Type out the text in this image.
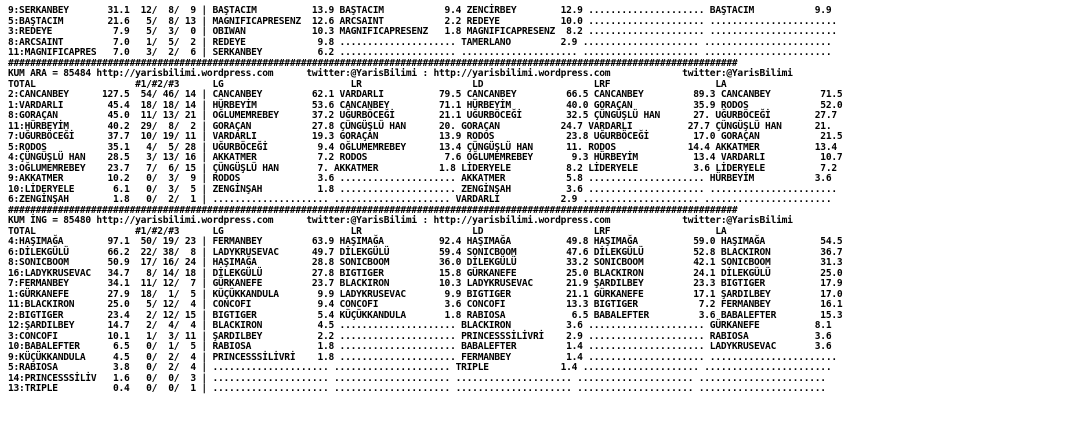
9:SERKANBEY       31.1  12/  8/  9 | BAŞTACIM          13.9 BAŞTACIM           9.4 ZENCİRBEY        12.9 ..................... BAŞTACIM           9.9
5:BAŞTACIM        21.6   5/  8/ 13 | MAGNIFICAPRESENZ  12.6 ARCSAINT           2.2 REDEYE           10.0 ..................... .......................
3:REDEYE           7.9   5/  3/  0 | OBIWAN            10.3 MAGNIFICAPRESENZ   1.8 MAGNIFICAPRESENZ  8.2 ..................... .......................
8:ARCSAINT         7.0   1/  5/  2 | REDEYE             9.8 ..................... TAMERLANO         2.9 ..................... .......................
11:MAGNIFICAPRES   7.0   3/  2/  6 | SERKANBEY          6.2 ..................... ..................... ..................... .......................
####################################################################################################################################
KUM ARA = 85484 http://yarisbilimi.wordpress.com      twitter:@YarisBilimi : http://yarisbilimi.wordpress.com             twitter:@YarisBilimi
TOTAL                  #1/#2/#3      LG                       LR                    LD                    LRF                   LA
2:CANCANBEY      127.5  54/ 46/ 14 | CANCANBEY         62.1 VARDARLI          79.5 CANCANBEY         66.5 CANCANBEY         89.3 CANCANBEY         71.5
1:VARDARLI        45.4  18/ 18/ 14 | HÜRBEYİM          53.6 CANCANBEY         71.1 HÜRBEYİM          40.0 GORAÇAN           35.9 RODOS             52.0
8:GORAÇAN         45.0  11/ 13/ 21 | OĞLUMEMREBEY      37.2 UĞURBÖCEĞİ        21.1 UĞURBÖCEĞİ        32.5 ÇÜNGÜŞLÜ HAN      27. UĞURBÖCEĞİ        27.7
11:HÜRBEYİM       40.2  29/  8/  2 | GORAÇAN           27.8 ÇÜNGÜŞLÜ HAN      20. GORAÇAN           24.7 VARDARLI          27.7 ÇÜNGÜŞLÜ HAN      21.
7:UĞURBÖCEĞİ      37.7  10/ 19/ 11 | VARDARLI          19.3 GORAÇAN           13.9 RODOS             23.8 UĞURBÖCEĞİ        17.0 GORAÇAN           21.5
5:RODOS           35.1   4/  5/ 28 | UĞURBÖCEĞİ         9.4 OĞLUMEMREBEY      13.4 ÇÜNGÜŞLÜ HAN      11. RODOS             14.4 AKKATMER          13.4
4:ÇÜNGÜŞLÜ HAN    28.5   3/ 13/ 16 | AKKATMER           7.2 RODOS              7.6 OĞLUMEMREBEY       9.3 HÜRBEYİM          13.4 VARDARLI          10.7
3:OĞLUMEMREBEY    23.7   7/  6/ 15 | ÇÜNGÜŞLÜ HAN       7. AKKATMER           1.8 LİDERYELE          8.2 LİDERYELE          3.6 LİDERYELE          7.2
9:AKKATMER        10.2   0/  3/  9 | RODOS              3.6 ..................... AKKATMER           5.8 ..................... HÜRBEYİM           3.6
10:LİDERYELE       6.1   0/  3/  5 | ZENGİNŞAH          1.8 ..................... ZENGİNŞAH          3.6 ..................... .......................
6:ZENGİNŞAH        1.8   0/  2/  1 | ..................... ..................... VARDARLI           2.9 ..................... .......................
####################################################################################################################################
KUM İNG = 85480 http://yarisbilimi.wordpress.com      twitter:@YarisBilimi : http://yarisbilimi.wordpress.com             twitter:@YarisBilimi
TOTAL                  #1/#2/#3      LG                       LR                    LD                    LRF                   LA
4:HAŞIMAĞA        97.1  50/ 19/ 23 | FERMANBEY         63.9 HAŞIMAĞA          92.4 HAŞIMAĞA          49.8 HAŞIMAĞA          59.0 HAŞIMAĞA          54.5
6:DİLEKGÜLÜ       66.2  22/ 38/  8 | LADYKRUSEVAC      49.7 DİLEKGÜLÜ         59.4 SONICBOOM         47.6 DİLEKGÜLÜ         52.8 BLACKIRON         36.7
8:SONICBOOM       50.9  17/ 16/ 24 | HAŞIMAĞA          28.8 SONICBOOM         36.0 DİLEKGÜLÜ         33.2 SONICBOOM         42.1 SONICBOOM         31.3
16:LADYKRUSEVAC   34.7   8/ 14/ 18 | DİLEKGÜLÜ         27.8 BIGTIGER          15.8 GÜRKANEFE         25.0 BLACKIRON         24.1 DİLEKGÜLÜ         25.0
7:FERMANBEY       34.1  11/ 12/  7 | GÜRKANEFE         23.7 BLACKIRON         10.3 LADYKRUSEVAC      21.9 ŞARDILBEY         23.3 BIGTIGER          17.9
1:GÜRKANEFE       27.9  18/  1/  5 | KÜÇÜKKANDULA       9.9 LADYKRUSEVAC       9.9 BIGTIGER          21.1 GÜRKANEFE         17.1 ŞARDILBEY         17.0
11:BLACKIRON      25.0   5/ 12/  4 | CONCOFI            9.4 CONCOFI            3.6 CONCOFI           13.3 BIGTIGER           7.2 FERMANBEY         16.1
2:BIGTIGER        23.4   2/ 12/ 15 | BIGTIGER           5.4 KÜÇÜKKANDULA       1.8 RABIOSA            6.5 BABALEFTER         3.6 BABALEFTER        15.3
12:ŞARDILBEY      14.7   2/  4/  4 | BLACKIRON          4.5 ..................... BLACKIRON          3.6 ..................... GÜRKANEFE          8.1
3:CONCOFI         10.1   1/  3/ 11 | ŞARDILBEY          2.2 ..................... PRINCESSSİLİVRİ    2.9 ..................... RABIOSA            3.6
10:BABALEFTER      6.5   0/  1/  5 | RABIOSA            1.8 ..................... BABALEFTER         1.4 ..................... LADYKRUSEVAC       3.6
9:KÜÇÜKKANDULA     4.5   0/  2/  4 | PRINCESSSİLİVRİ    1.8 ..................... FERMANBEY          1.4 ..................... .......................
5:RABIOSA          3.8   0/  2/  4 | ..................... ..................... TRIPLE             1.4 ..................... .......................
14:PRINCESSSİLİV   1.6   0/  0/  3 | ..................... ..................... ..................... ..................... .......................
13:TRIPLE          0.4   0/  0/  1 | ..................... ..................... ..................... ..................... .......................
